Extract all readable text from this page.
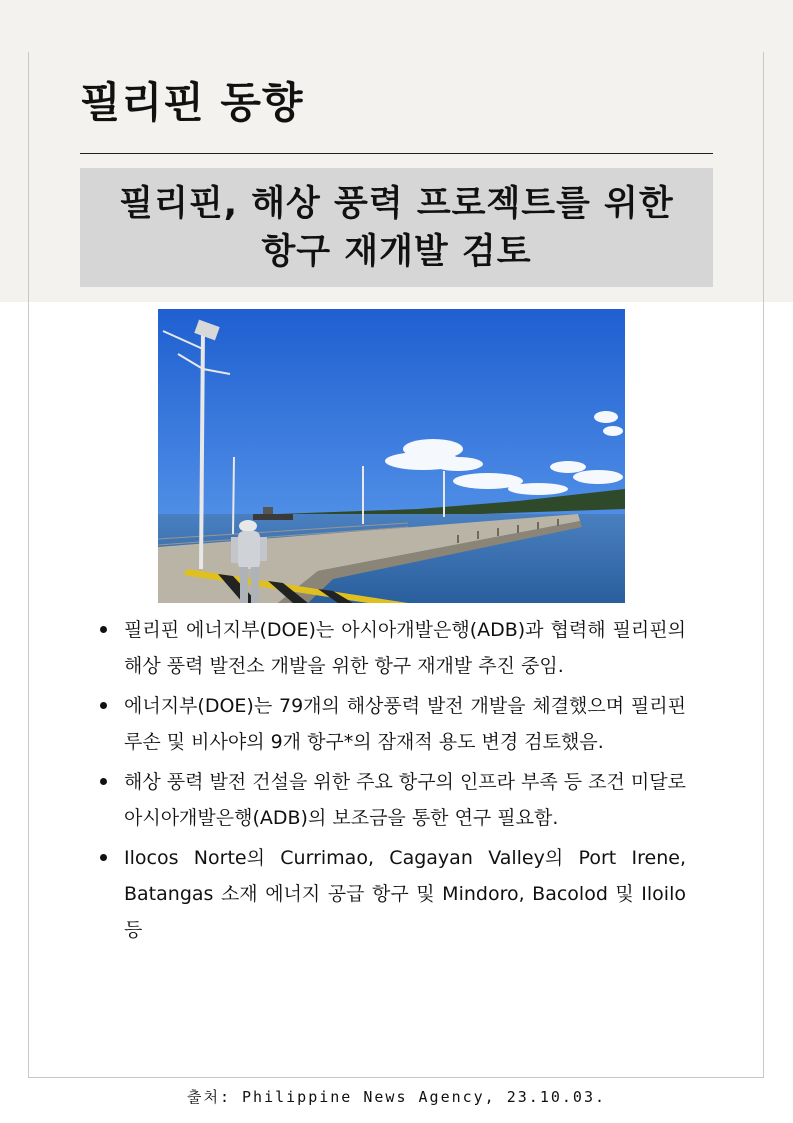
필리핀 동향
필리핀, 해상 풍력 프로젝트를 위한
항구 재개발 검토
필리핀 에너지부(DOE)는 아시아개발은행(ADB)과 협력해 필리핀의 해상 풍력 발전소 개발을 위한 항구 재개발 추진 중임.
에너지부(DOE)는 79개의 해상풍력 발전 개발을 체결했으며 필리핀 루손 및 비사야의 9개 항구*의 잠재적 용도 변경 검토했음.
해상 풍력 발전 건설을 위한 주요 항구의 인프라 부족 등 조건 미달로 아시아개발은행(ADB)의 보조금을 통한 연구 필요함.
Ilocos Norte의 Currimao, Cagayan Valley의 Port Irene, Batangas 소재 에너지 공급 항구 및 Mindoro, Bacolod 및 Iloilo 등
출처: Philippine News Agency, 23.10.03.
